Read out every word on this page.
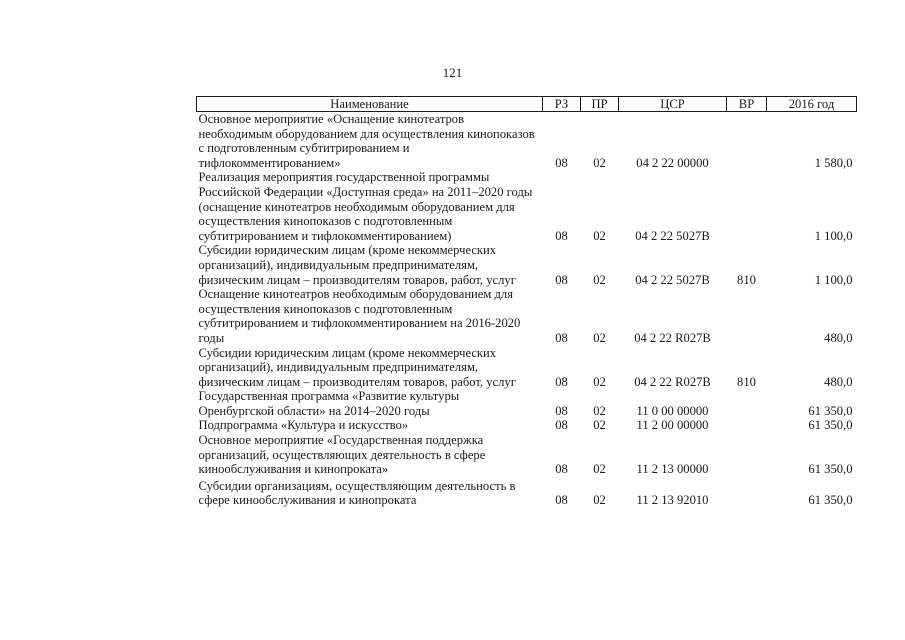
121
Наименование	РЗ	ПР	ЦСР	ВР	2016 год
Основное мероприятие «Оснащение кинотеатров необходимым оборудованием для осуществления кинопоказов с подготовленным субтитрированием и тифлокомментированием»	08	02	04 2 22 00000		1 580,0
Реализация мероприятия государственной программы Российской Федерации «Доступная среда» на 2011–2020 годы (оснащение кинотеатров необходимым оборудованием для осуществления кинопоказов с подготовленным субтитрированием и тифлокомментированием)	08	02	04 2 22 5027В		1 100,0
Субсидии юридическим лицам (кроме некоммерческих организаций), индивидуальным предпринимателям, физическим лицам – производителям товаров, работ, услуг	08	02	04 2 22 5027В	810	1 100,0
Оснащение кинотеатров необходимым оборудованием для осуществления кинопоказов с подготовленным субтитрированием и тифлокомментированием на 2016-2020 годы	08	02	04 2 22 R027В		480,0
Субсидии юридическим лицам (кроме некоммерческих организаций), индивидуальным предпринимателям, физическим лицам – производителям товаров, работ, услуг	08	02	04 2 22 R027В	810	480,0
Государственная программа «Развитие культуры Оренбургской области» на 2014–2020 годы	08	02	11 0 00 00000		61 350,0
Подпрограмма «Культура и искусство»	08	02	11 2 00 00000		61 350,0
Основное мероприятие «Государственная поддержка организаций, осуществляющих деятельность в сфере кинообслуживания и кинопроката»	08	02	11 2 13 00000		61 350,0
Субсидии организациям, осуществляющим деятельность в сфере кинообслуживания и кинопроката	08	02	11 2 13 92010		61 350,0
